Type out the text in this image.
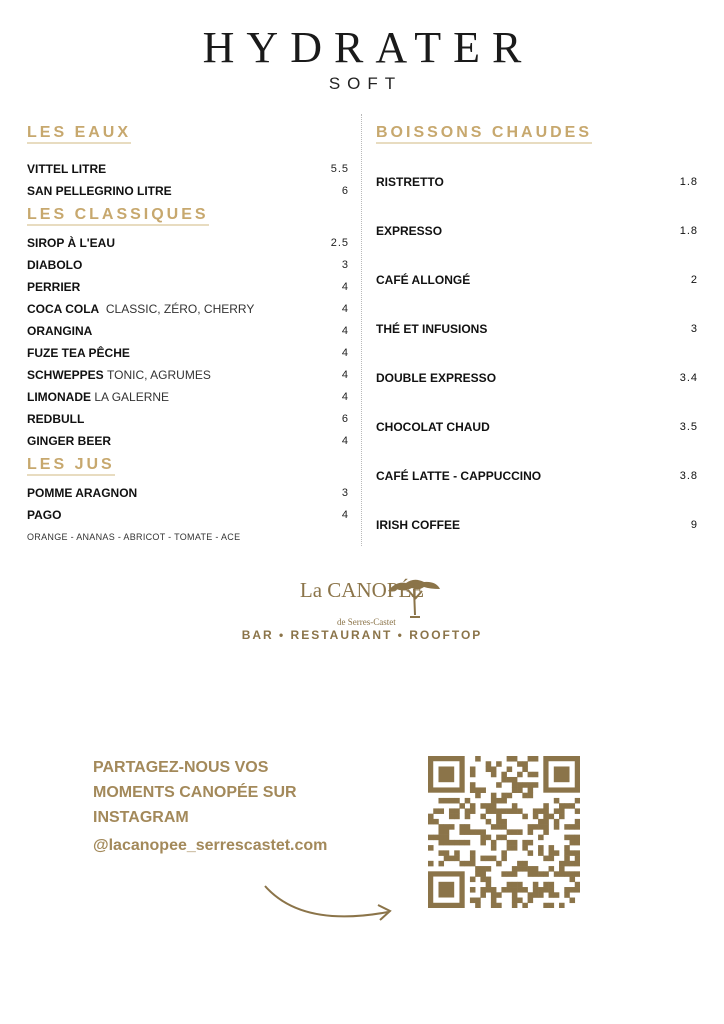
HYDRATER
SOFT
LES EAUX
VITTEL LITRE	5.5
SAN PELLEGRINO LITRE	6
LES CLASSIQUES
SIROP À L'EAU	2.5
DIABOLO	3
PERRIER	4
COCA COLA CLASSIC, ZÉRO, CHERRY	4
ORANGINA	4
FUZE TEA PÊCHE	4
SCHWEPPES TONIC, AGRUMES	4
LIMONADE LA GALERNE	4
REDBULL	6
GINGER BEER	4
LES JUS
POMME ARAGNON	3
PAGO	4
ORANGE - ANANAS - ABRICOT - TOMATE - ACE
BOISSONS CHAUDES
RISTRETTO	1.8
EXPRESSO	1.8
CAFÉ ALLONGÉ	2
THÉ ET INFUSIONS	3
DOUBLE EXPRESSO	3.4
CHOCOLAT CHAUD	3.5
CAFÉ LATTE - CAPPUCCINO	3.8
IRISH COFFEE	9
La CANOPÉE
de Serres-Castet
BAR • RESTAURANT • ROOFTOP
PARTAGEZ-NOUS VOS MOMENTS CANOPÉE SUR INSTAGRAM
@lacanopee_serrescastet.com
